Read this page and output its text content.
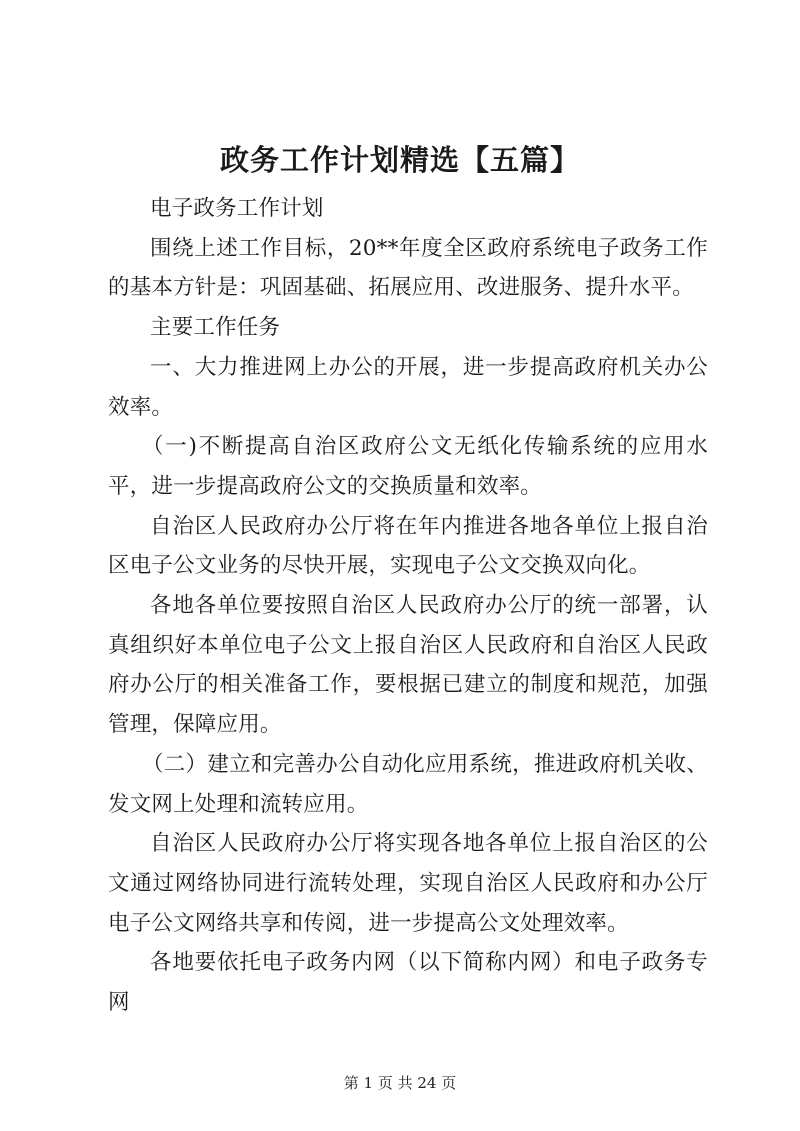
政务工作计划精选【五篇】

电子政务工作计划

围绕上述工作目标，20**年度全区政府系统电子政务工作的基本方针是：巩固基础、拓展应用、改进服务、提升水平。

主要工作任务

一、大力推进网上办公的开展，进一步提高政府机关办公效率。

（一)不断提高自治区政府公文无纸化传输系统的应用水平，进一步提高政府公文的交换质量和效率。

自治区人民政府办公厅将在年内推进各地各单位上报自治区电子公文业务的尽快开展，实现电子公文交换双向化。

各地各单位要按照自治区人民政府办公厅的统一部署，认真组织好本单位电子公文上报自治区人民政府和自治区人民政府办公厅的相关准备工作，要根据已建立的制度和规范，加强管理，保障应用。

（二）建立和完善办公自动化应用系统，推进政府机关收、发文网上处理和流转应用。

自治区人民政府办公厅将实现各地各单位上报自治区的公文通过网络协同进行流转处理，实现自治区人民政府和办公厅电子公文网络共享和传阅，进一步提高公文处理效率。

各地要依托电子政务内网（以下简称内网）和电子政务专网

第 1 页 共 24 页
